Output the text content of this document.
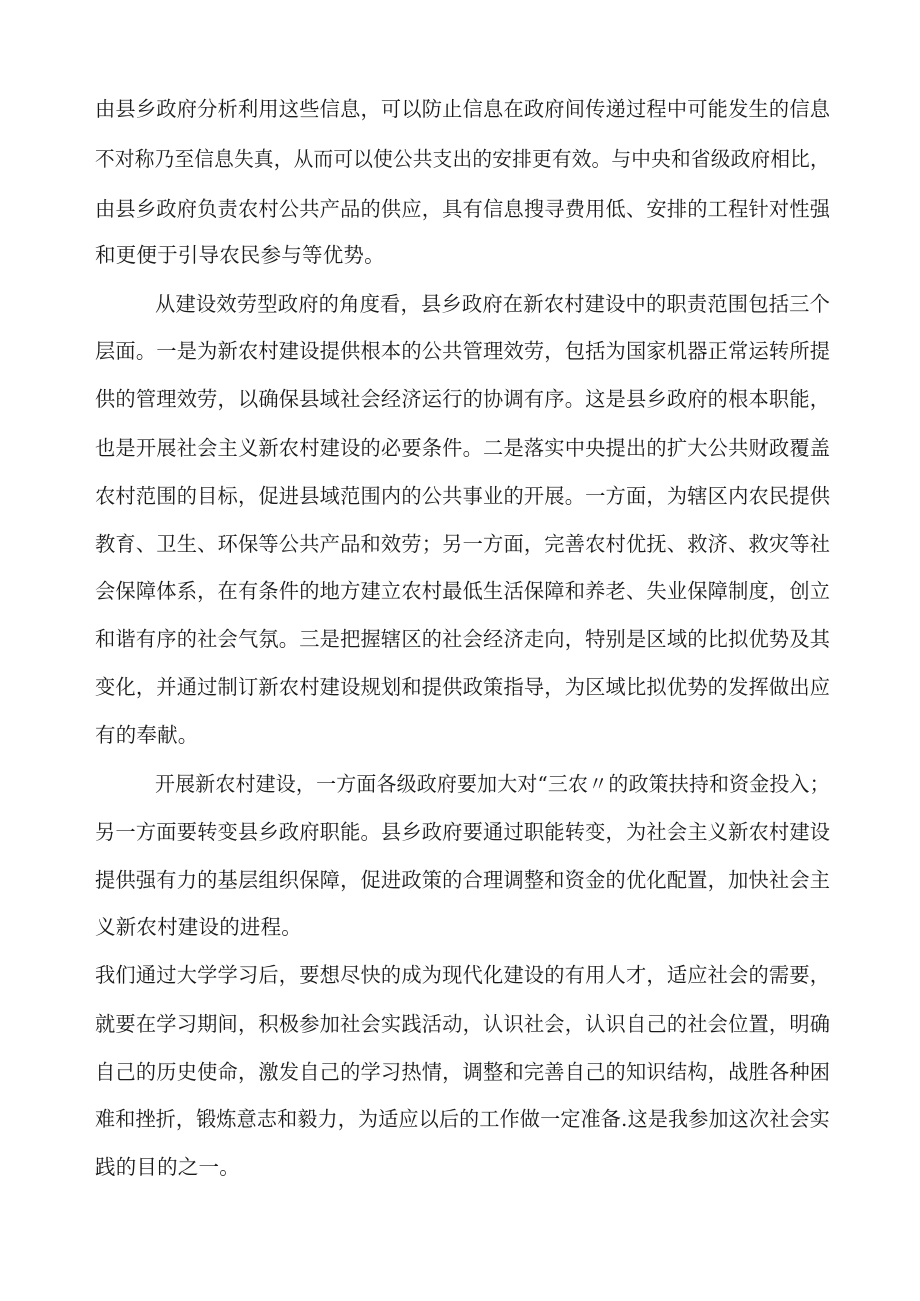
由县乡政府分析利用这些信息，可以防止信息在政府间传递过程中可能发生的信息
不对称乃至信息失真，从而可以使公共支出的安排更有效。与中央和省级政府相比，
由县乡政府负责农村公共产品的供应，具有信息搜寻费用低、安排的工程针对性强
和更便于引导农民参与等优势。
从建设效劳型政府的角度看，县乡政府在新农村建设中的职责范围包括三个
层面。一是为新农村建设提供根本的公共管理效劳，包括为国家机器正常运转所提
供的管理效劳，以确保县域社会经济运行的协调有序。这是县乡政府的根本职能，
也是开展社会主义新农村建设的必要条件。二是落实中央提出的扩大公共财政覆盖
农村范围的目标，促进县域范围内的公共事业的开展。一方面，为辖区内农民提供
教育、卫生、环保等公共产品和效劳；另一方面，完善农村优抚、救济、救灾等社
会保障体系，在有条件的地方建立农村最低生活保障和养老、失业保障制度，创立
和谐有序的社会气氛。三是把握辖区的社会经济走向，特别是区域的比拟优势及其
变化，并通过制订新农村建设规划和提供政策指导，为区域比拟优势的发挥做出应
有的奉献。
开展新农村建设，一方面各级政府要加大对“三农〃的政策扶持和资金投入；
另一方面要转变县乡政府职能。县乡政府要通过职能转变，为社会主义新农村建设
提供强有力的基层组织保障，促进政策的合理调整和资金的优化配置，加快社会主
义新农村建设的进程。
我们通过大学学习后，要想尽快的成为现代化建设的有用人才，适应社会的需要，
就要在学习期间，积极参加社会实践活动，认识社会，认识自己的社会位置，明确
自己的历史使命，激发自己的学习热情，调整和完善自己的知识结构，战胜各种困
难和挫折，锻炼意志和毅力，为适应以后的工作做一定准备.这是我参加这次社会实
践的目的之一。
